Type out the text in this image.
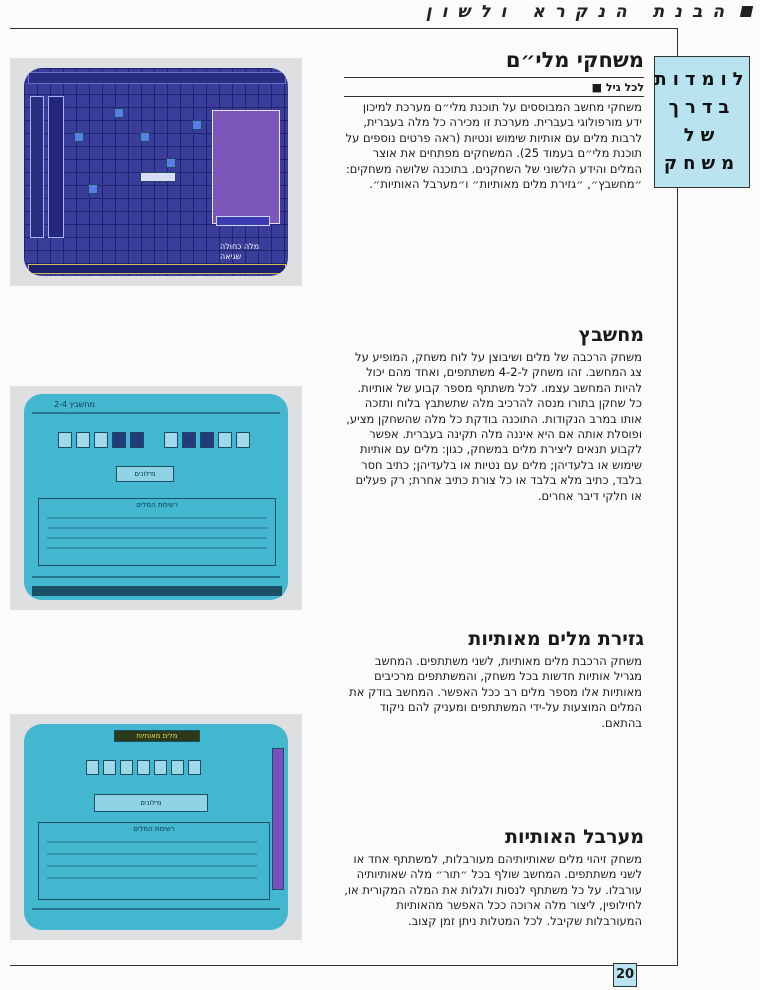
הבנת הנקרא ולשון
לומדות
בדרך
של
משחק
משחקי מלי״ם
לכל גיל ■
משחקי מחשב המבוססים על תוכנת מלי״ם מערכת למיכון ידע מורפולוגי בעברית. מערכת זו מכירה כל מלה בעברית, לרבות מלים עם אותיות שימוש ונטיות (ראה פרטים נוספים על תוכנת מלי״ם בעמוד 25). המשחקים מפתחים את אוצר המלים והידע הלשוני של השחקנים. בתוכנה שלושה משחקים: ״מחשבץ״, ״גזירת מלים מאותיות״ ו״מערבל האותיות״.
מלה כחולה
שגיאה
מחשבץ
משחק הרכבה של מלים ושיבוצן על לוח משחק, המופיע על צג המחשב. זהו משחק ל-4-2 משתתפים, ואחד מהם יכול להיות המחשב עצמו. לכל משתתף מספר קבוע של אותיות. כל שחקן בתורו מנסה להרכיב מלה שתשתבץ בלוח ותזכה אותו במרב הנקודות. התוכנה בודקת כל מלה שהשחקן מציע, ופוסלת אותה אם היא איננה מלה תקינה בעברית. אפשר לקבוע תנאים ליצירת מלים במשחק, כגון: מלים עם אותיות שימוש או בלעדיהן; מלים עם נטיות או בלעדיהן; כתיב חסר בלבד, כתיב מלא בלבד או כל צורת כתיב אחרת; רק פעלים או חלקי דיבר אחרים.
מחשבץ 2-4
מילונים
רשימת המלים
גזירת מלים מאותיות
משחק הרכבת מלים מאותיות, לשני משתתפים. המחשב מגריל אותיות חדשות בכל משחק, והמשתתפים מרכיבים מאותיות אלו מספר מלים רב ככל האפשר. המחשב בודק את המלים המוצעות על-ידי המשתתפים ומעניק להם ניקוד בהתאם.
מלים מאותיות
מילונים
רשימת המלים	מערבל האותיות
משחק זיהוי מלים שאותיותיהם מעורבלות, למשתתף אחד או לשני משתתפים. המחשב שולף בכל ״תור״ מלה שאותיותיה עורבלו. על כל משתתף לנסות ולגלות את המלה המקורית או, לחילופין, ליצור מלה ארוכה ככל האפשר מהאותיות המעורבלות שקיבל. לכל המטלות ניתן זמן קצוב.
20
